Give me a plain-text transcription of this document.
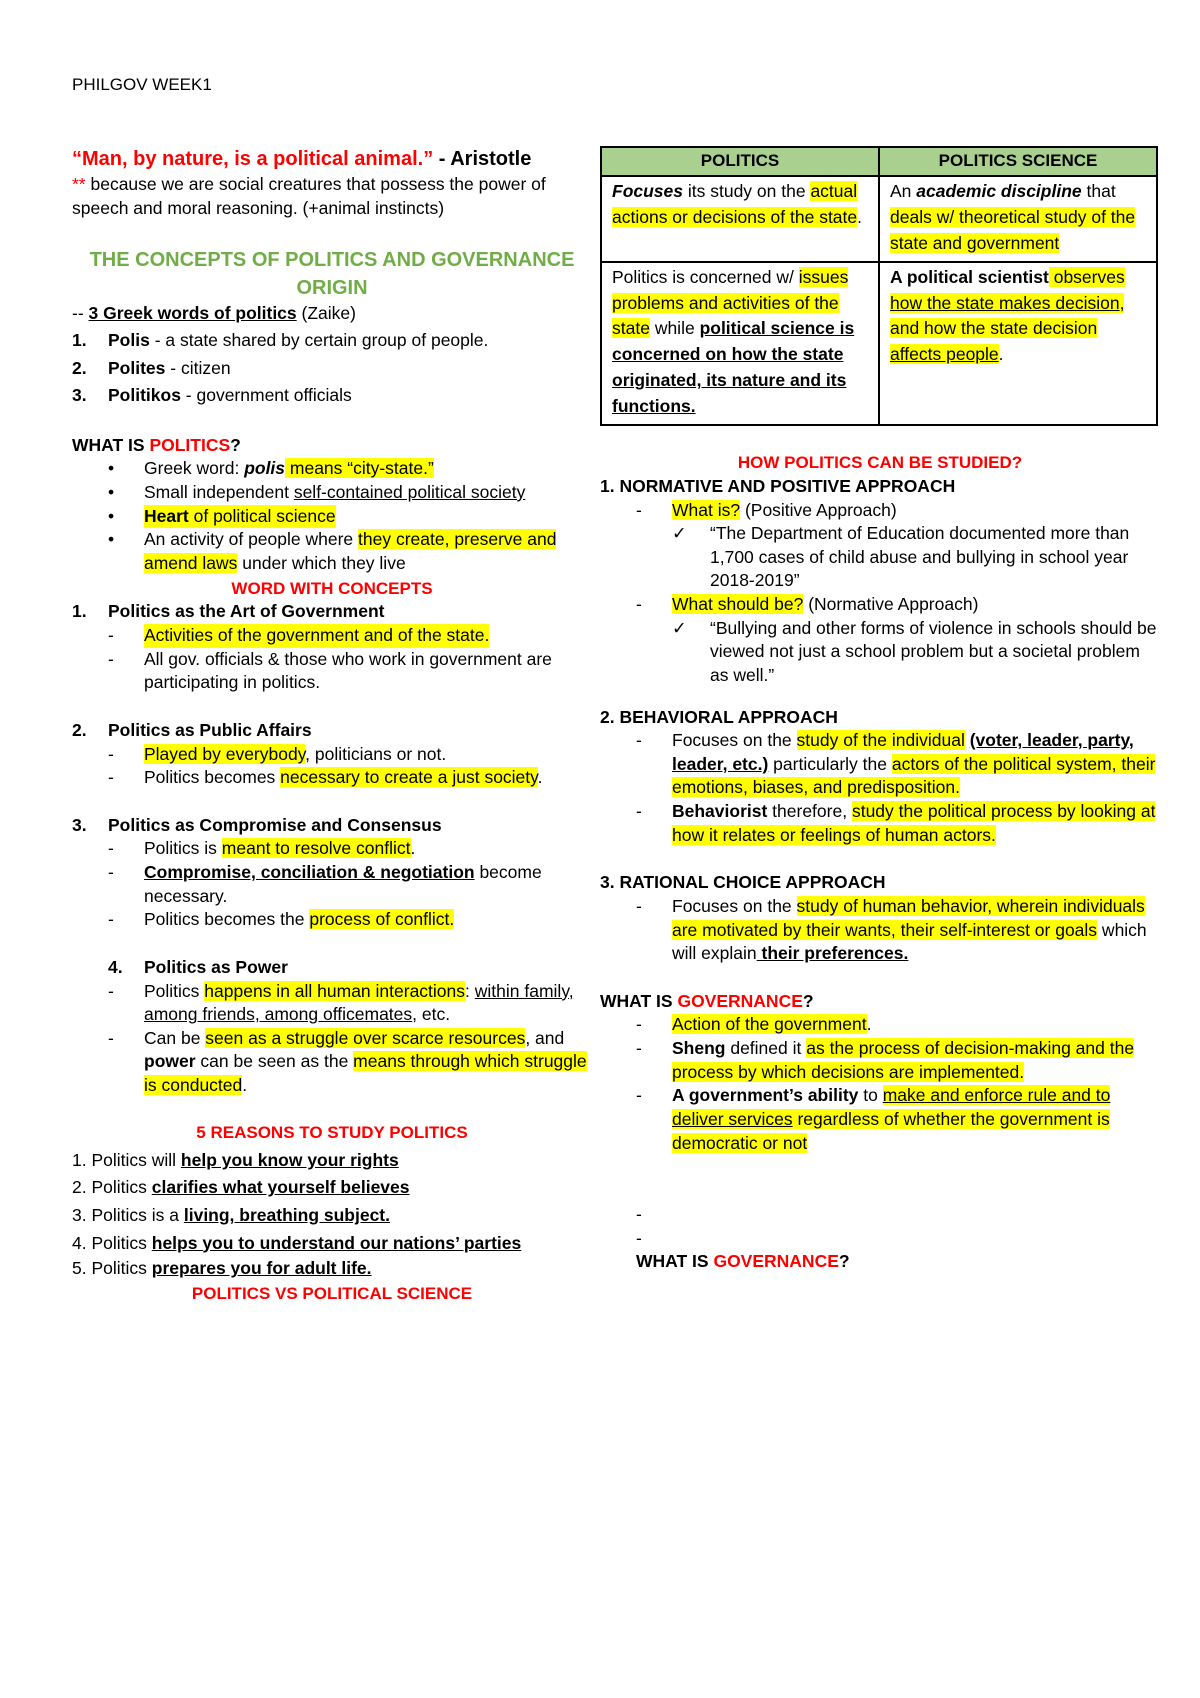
PHILGOV WEEK1
“Man, by nature, is a political animal.” - Aristotle
** because we are social creatures that possess the power of speech and moral reasoning. (+animal instincts)
THE CONCEPTS OF POLITICS AND GOVERNANCE
ORIGIN
-- 3 Greek words of politics (Zaike)
1.	Polis - a state shared by certain group of people.
2.	Polites - citizen
3.	Politikos - government officials
WHAT IS POLITICS?
•	Greek word: polis means “city-state.”
•	Small independent self-contained political society
•	Heart of political science
•	An activity of people where they create, preserve and amend laws under which they live
WORD WITH CONCEPTS
1.	Politics as the Art of Government
-	Activities of the government and of the state.
-	All gov. officials & those who work in government are participating in politics.
2.	Politics as Public Affairs
-	Played by everybody, politicians or not.
-	Politics becomes necessary to create a just society.
3.	Politics as Compromise and Consensus
-	Politics is meant to resolve conflict.
-	Compromise, conciliation & negotiation become necessary.
-	Politics becomes the process of conflict.
4.	Politics as Power
-	Politics happens in all human interactions: within family, among friends, among officemates, etc.
-	Can be seen as a struggle over scarce resources, and power can be seen as the means through which struggle is conducted.
5 REASONS TO STUDY POLITICS
1. Politics will help you know your rights
2. Politics clarifies what yourself believes
3. Politics is a living, breathing subject.
4. Politics helps you to understand our nations’ parties
5. Politics prepares you for adult life.
POLITICS VS POLITICAL SCIENCE
POLITICS	POLITICS SCIENCE
Focuses its study on the actual actions or decisions of the state.	An academic discipline that deals w/ theoretical study of the state and government
Politics is concerned w/ issues problems and activities of the state while political science is concerned on how the state originated, its nature and its functions.	A political scientist observes how the state makes decision, and how the state decision affects people.
HOW POLITICS CAN BE STUDIED?
1. NORMATIVE AND POSITIVE APPROACH
-	What is? (Positive Approach)
✓	“The Department of Education documented more than 1,700 cases of child abuse and bullying in school year 2018-2019”
-	What should be? (Normative Approach)
✓	“Bullying and other forms of violence in schools should be viewed not just a school problem but a societal problem as well.”
2. BEHAVIORAL APPROACH
-	Focuses on the study of the individual (voter, leader, party, leader, etc.) particularly the actors of the political system, their emotions, biases, and predisposition.
-	Behaviorist therefore, study the political process by looking at how it relates or feelings of human actors.
3. RATIONAL CHOICE APPROACH
-	Focuses on the study of human behavior, wherein individuals are motivated by their wants, their self-interest or goals which will explain their preferences.
WHAT IS GOVERNANCE?
-	Action of the government.
-	Sheng defined it as the process of decision-making and the process by which decisions are implemented.
-	A government’s ability to make and enforce rule and to deliver services regardless of whether the government is democratic or not
-
-
WHAT IS GOVERNANCE?
